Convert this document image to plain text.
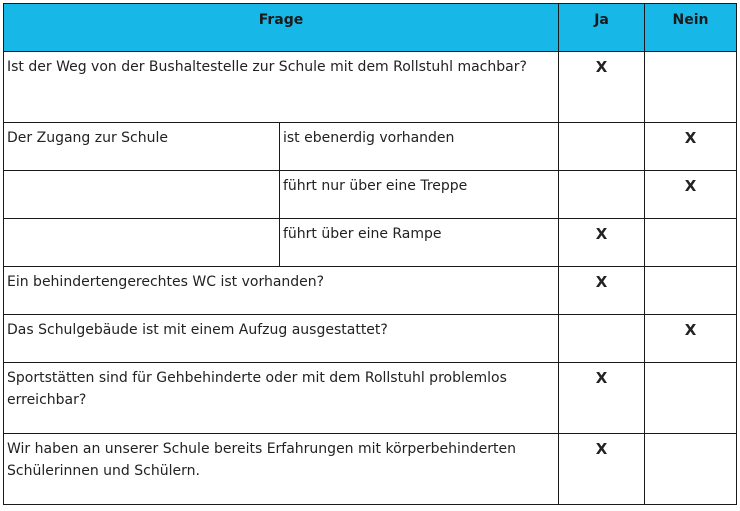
Frage		Ja	Nein
Ist der Weg von der Bushaltestelle zur Schule mit dem Rollstuhl machbar?		X	
Der Zugang zur Schule	ist ebenerdig vorhanden		X
	führt nur über eine Treppe		X
	führt über eine Rampe	X	
Ein behindertengerechtes WC ist vorhanden?		X	
Das Schulgebäude ist mit einem Aufzug ausgestattet?			X
Sportstätten sind für Gehbehinderte oder mit dem Rollstuhl problemlos erreichbar?		X	
Wir haben an unserer Schule bereits Erfahrungen mit körperbehinderten Schülerinnen und Schülern.		X	
